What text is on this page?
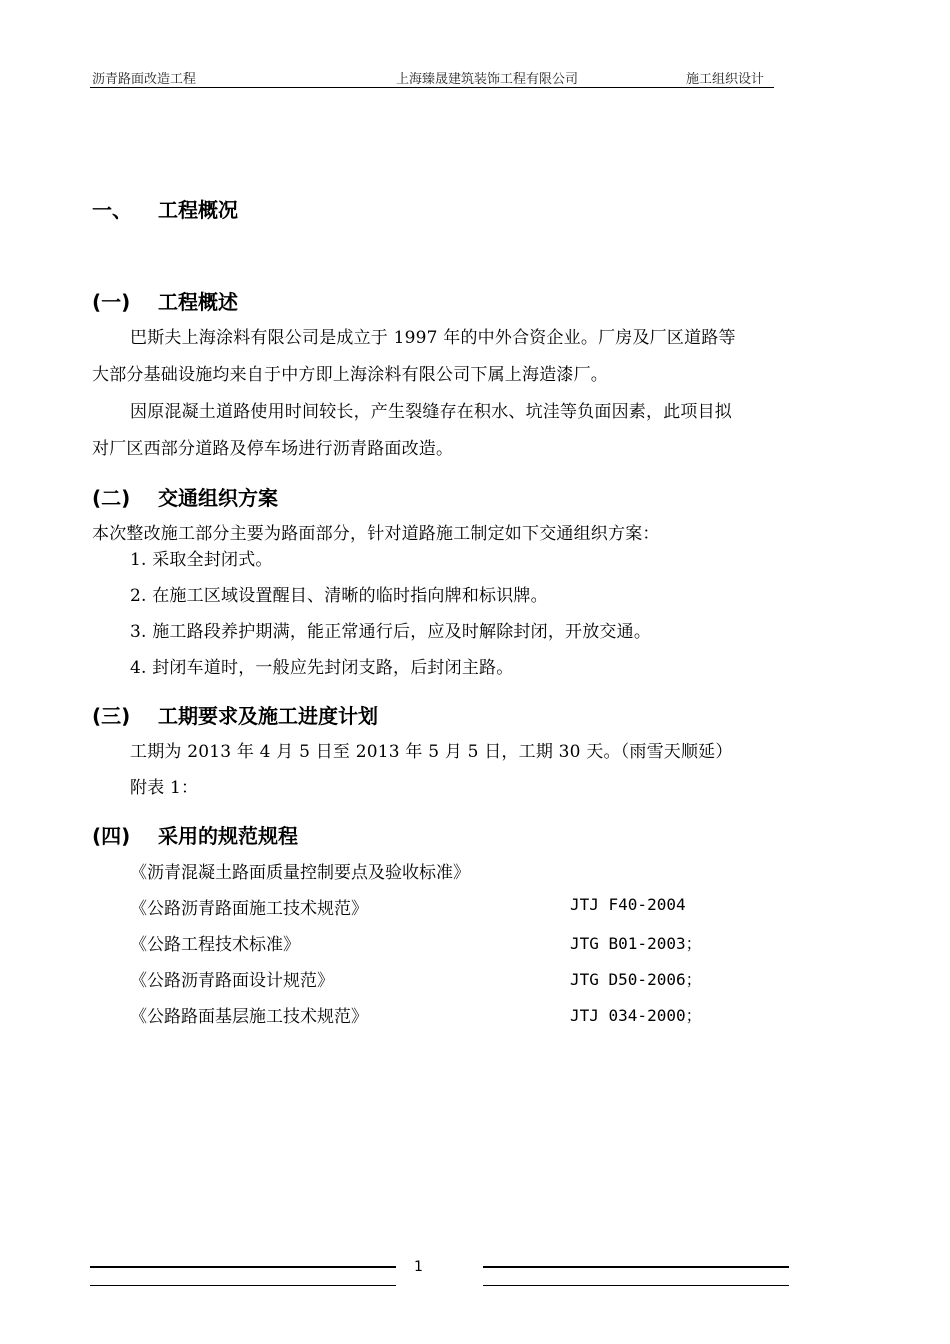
沥青路面改造工程	上海臻晟建筑装饰工程有限公司	施工组织设计
一、 工程概况
(一) 工程概述
巴斯夫上海涂料有限公司是成立于 1997 年的中外合资企业。厂房及厂区道路等
大部分基础设施均来自于中方即上海涂料有限公司下属上海造漆厂。
因原混凝土道路使用时间较长，产生裂缝存在积水、坑洼等负面因素，此项目拟
对厂区西部分道路及停车场进行沥青路面改造。
(二) 交通组织方案
本次整改施工部分主要为路面部分，针对道路施工制定如下交通组织方案：
1. 采取全封闭式。
2. 在施工区域设置醒目、清晰的临时指向牌和标识牌。
3. 施工路段养护期满，能正常通行后，应及时解除封闭，开放交通。
4. 封闭车道时，一般应先封闭支路，后封闭主路。
(三) 工期要求及施工进度计划
工期为 2013 年 4 月 5 日至 2013 年 5 月 5 日，工期 30 天。（雨雪天顺延）
附表 1：
(四) 采用的规范规程
《沥青混凝土路面质量控制要点及验收标准》
《公路沥青路面施工技术规范》	JTJ F40-2004
《公路工程技术标准》	JTG B01-2003；
《公路沥青路面设计规范》	JTG D50-2006；
《公路路面基层施工技术规范》	JTJ 034-2000；
1
